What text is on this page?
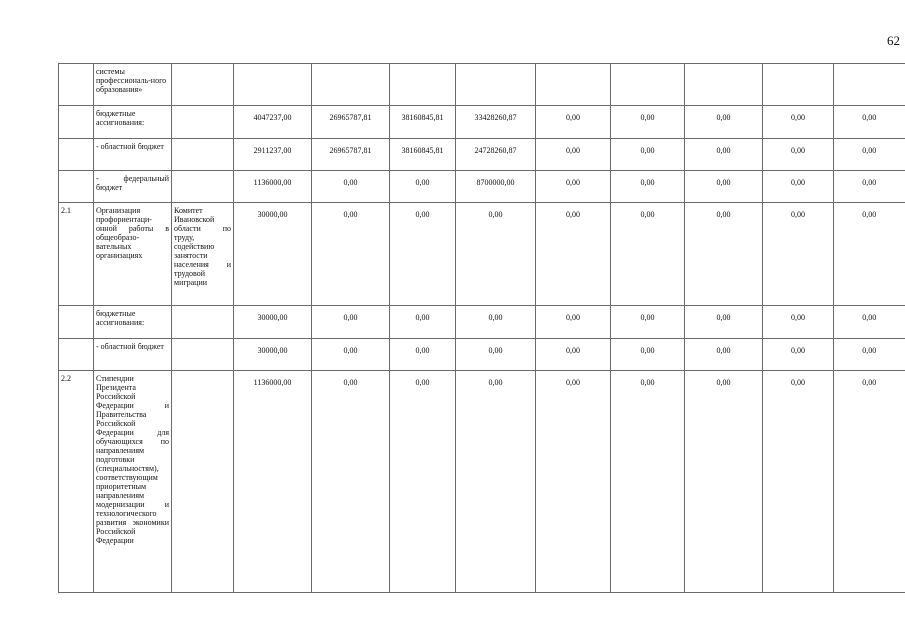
62
	системы профессиональ-ного образования»										
	бюджетные ассигнования:		4047237,00	26965787,81	38160845,81	33428260,87	0,00	0,00	0,00	0,00	0,00
	- областной бюджет		2911237,00	26965787,81	38160845,81	24728260,87	0,00	0,00	0,00	0,00	0,00
	- федеральный бюджет		1136000,00	0,00	0,00	8700000,00	0,00	0,00	0,00	0,00	0,00
2.1	Организация профориентаци-онной работы в общеобразо-вательных организациях	Комитет Ивановской области по труду, содействию занятости населения и трудовой миграции	30000,00	0,00	0,00	0,00	0,00	0,00	0,00	0,00	0,00
	бюджетные ассигнования:		30000,00	0,00	0,00	0,00	0,00	0,00	0,00	0,00	0,00
	- областной бюджет		30000,00	0,00	0,00	0,00	0,00	0,00	0,00	0,00	0,00
2.2	Стипендии Президента Российской Федерации и Правительства Российской Федерации для обучающихся по направлениям подготовки (специальностям), соответствующим приоритетным направлениям модернизации и технологического развития экономики Российской Федерации		1136000,00	0,00	0,00	0,00	0,00	0,00	0,00	0,00	0,00
